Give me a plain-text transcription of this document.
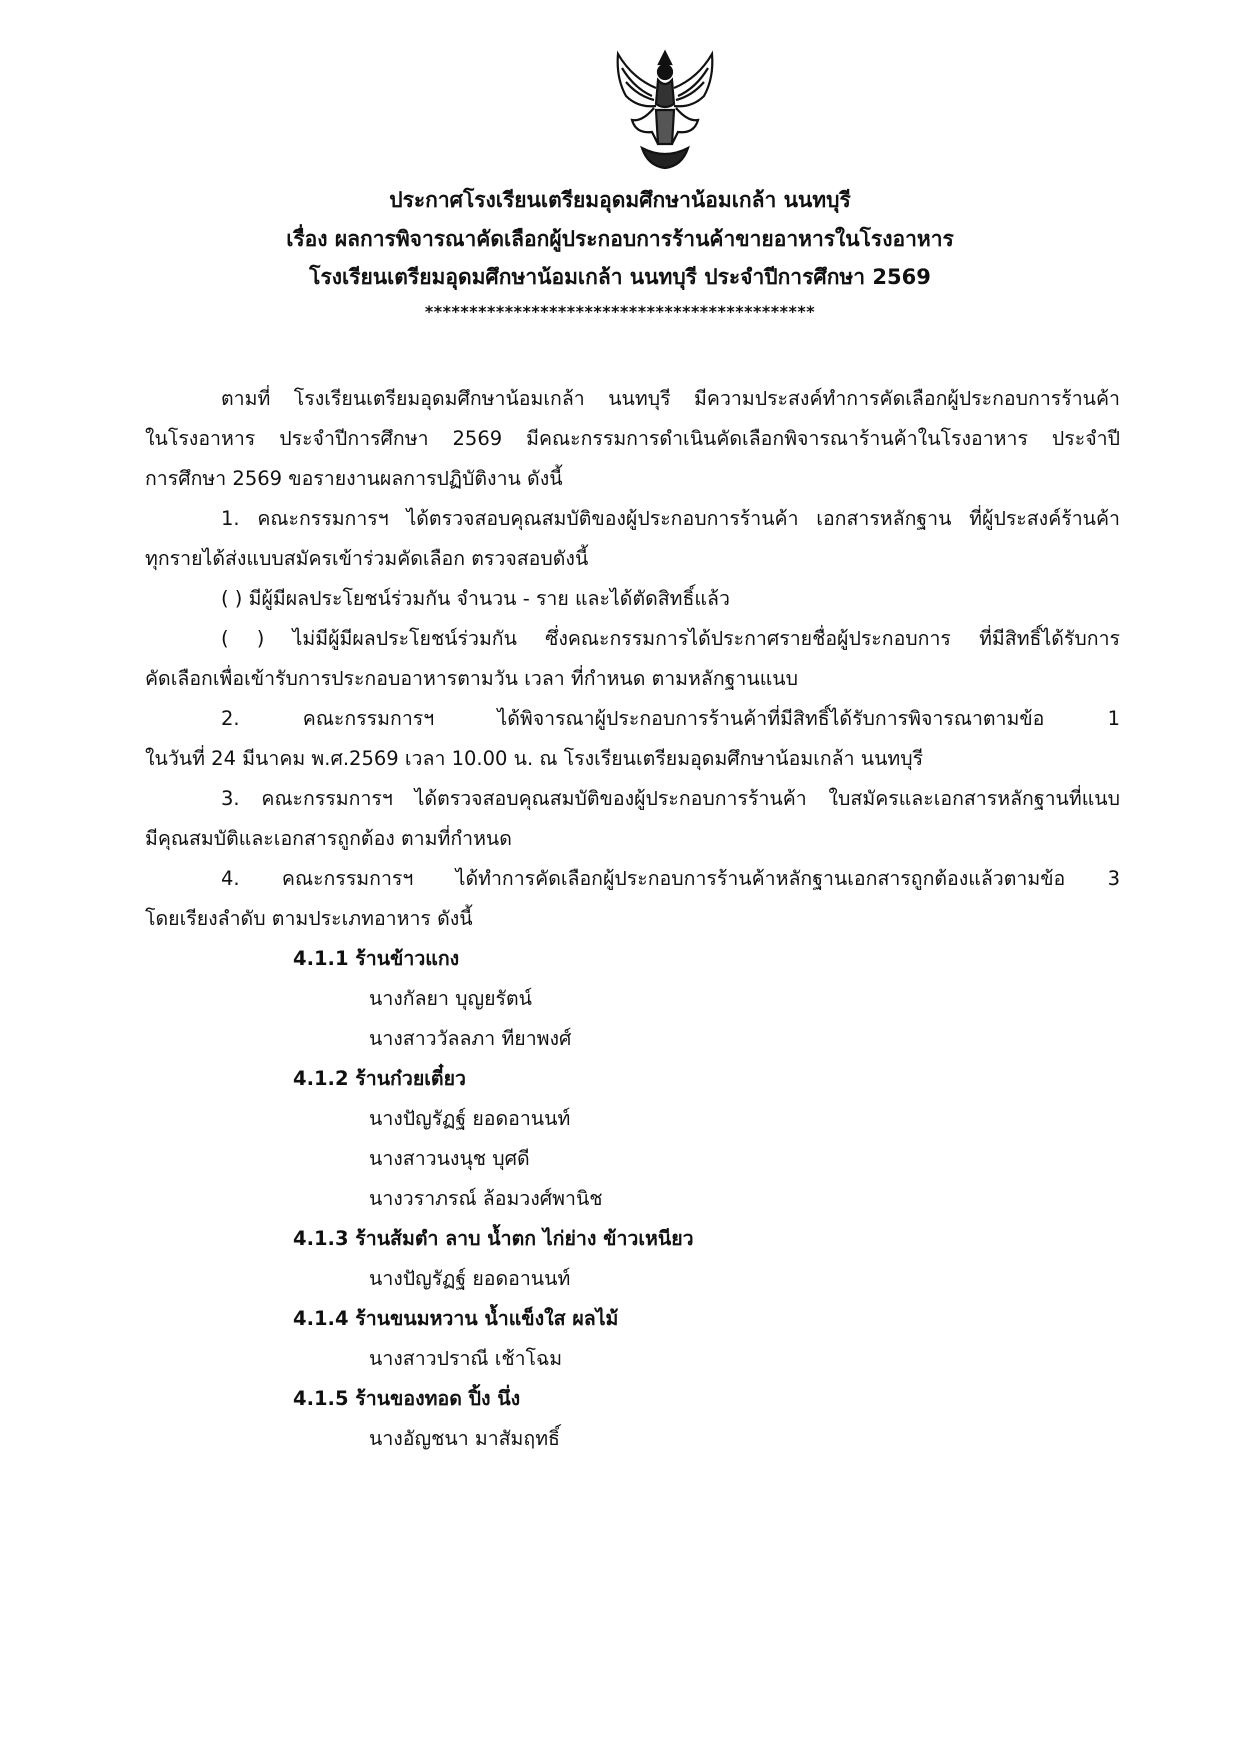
ประกาศโรงเรียนเตรียมอุดมศึกษาน้อมเกล้า นนทบุรี
เรื่อง ผลการพิจารณาคัดเลือกผู้ประกอบการร้านค้าขายอาหารในโรงอาหาร
โรงเรียนเตรียมอุดมศึกษาน้อมเกล้า นนทบุรี ประจำปีการศึกษา 2569
********************************************
ตามที่ โรงเรียนเตรียมอุดมศึกษาน้อมเกล้า นนทบุรี มีความประสงค์ทำการคัดเลือกผู้ประกอบการร้านค้า
ในโรงอาหาร ประจำปีการศึกษา 2569 มีคณะกรรมการดำเนินคัดเลือกพิจารณาร้านค้าในโรงอาหาร ประจำปี
การศึกษา 2569 ขอรายงานผลการปฏิบัติงาน ดังนี้
1. คณะกรรมการฯ ได้ตรวจสอบคุณสมบัติของผู้ประกอบการร้านค้า เอกสารหลักฐาน ที่ผู้ประสงค์ร้านค้า
ทุกรายได้ส่งแบบสมัครเข้าร่วมคัดเลือก ตรวจสอบดังนี้
( ) มีผู้มีผลประโยชน์ร่วมกัน จำนวน - ราย และได้ตัดสิทธิ์แล้ว
( ) ไม่มีผู้มีผลประโยชน์ร่วมกัน ซึ่งคณะกรรมการได้ประกาศรายชื่อผู้ประกอบการ ที่มีสิทธิ์ได้รับการ
คัดเลือกเพื่อเข้ารับการประกอบอาหารตามวัน เวลา ที่กำหนด ตามหลักฐานแนบ
2. คณะกรรมการฯ ได้พิจารณาผู้ประกอบการร้านค้าที่มีสิทธิ์ได้รับการพิจารณาตามข้อ 1
ในวันที่ 24 มีนาคม พ.ศ.2569 เวลา 10.00 น. ณ โรงเรียนเตรียมอุดมศึกษาน้อมเกล้า นนทบุรี
3. คณะกรรมการฯ ได้ตรวจสอบคุณสมบัติของผู้ประกอบการร้านค้า ใบสมัครและเอกสารหลักฐานที่แนบ
มีคุณสมบัติและเอกสารถูกต้อง ตามที่กำหนด
4. คณะกรรมการฯ ได้ทำการคัดเลือกผู้ประกอบการร้านค้าหลักฐานเอกสารถูกต้องแล้วตามข้อ 3
โดยเรียงลำดับ ตามประเภทอาหาร ดังนี้
4.1.1 ร้านข้าวแกง
นางกัลยา บุญยรัตน์
นางสาววัลลภา ทียาพงศ์
4.1.2 ร้านก๋วยเตี๋ยว
นางปัญรัฏฐ์ ยอดอานนท์
นางสาวนงนุช บุศดี
นางวราภรณ์ ล้อมวงศ์พานิช
4.1.3 ร้านส้มตำ ลาบ น้ำตก ไก่ย่าง ข้าวเหนียว
นางปัญรัฏฐ์ ยอดอานนท์
4.1.4 ร้านขนมหวาน น้ำแข็งใส ผลไม้
นางสาวปราณี เช้าโฉม
4.1.5 ร้านของทอด ปิ้ง นึ่ง
นางอัญชนา มาสัมฤทธิ์
